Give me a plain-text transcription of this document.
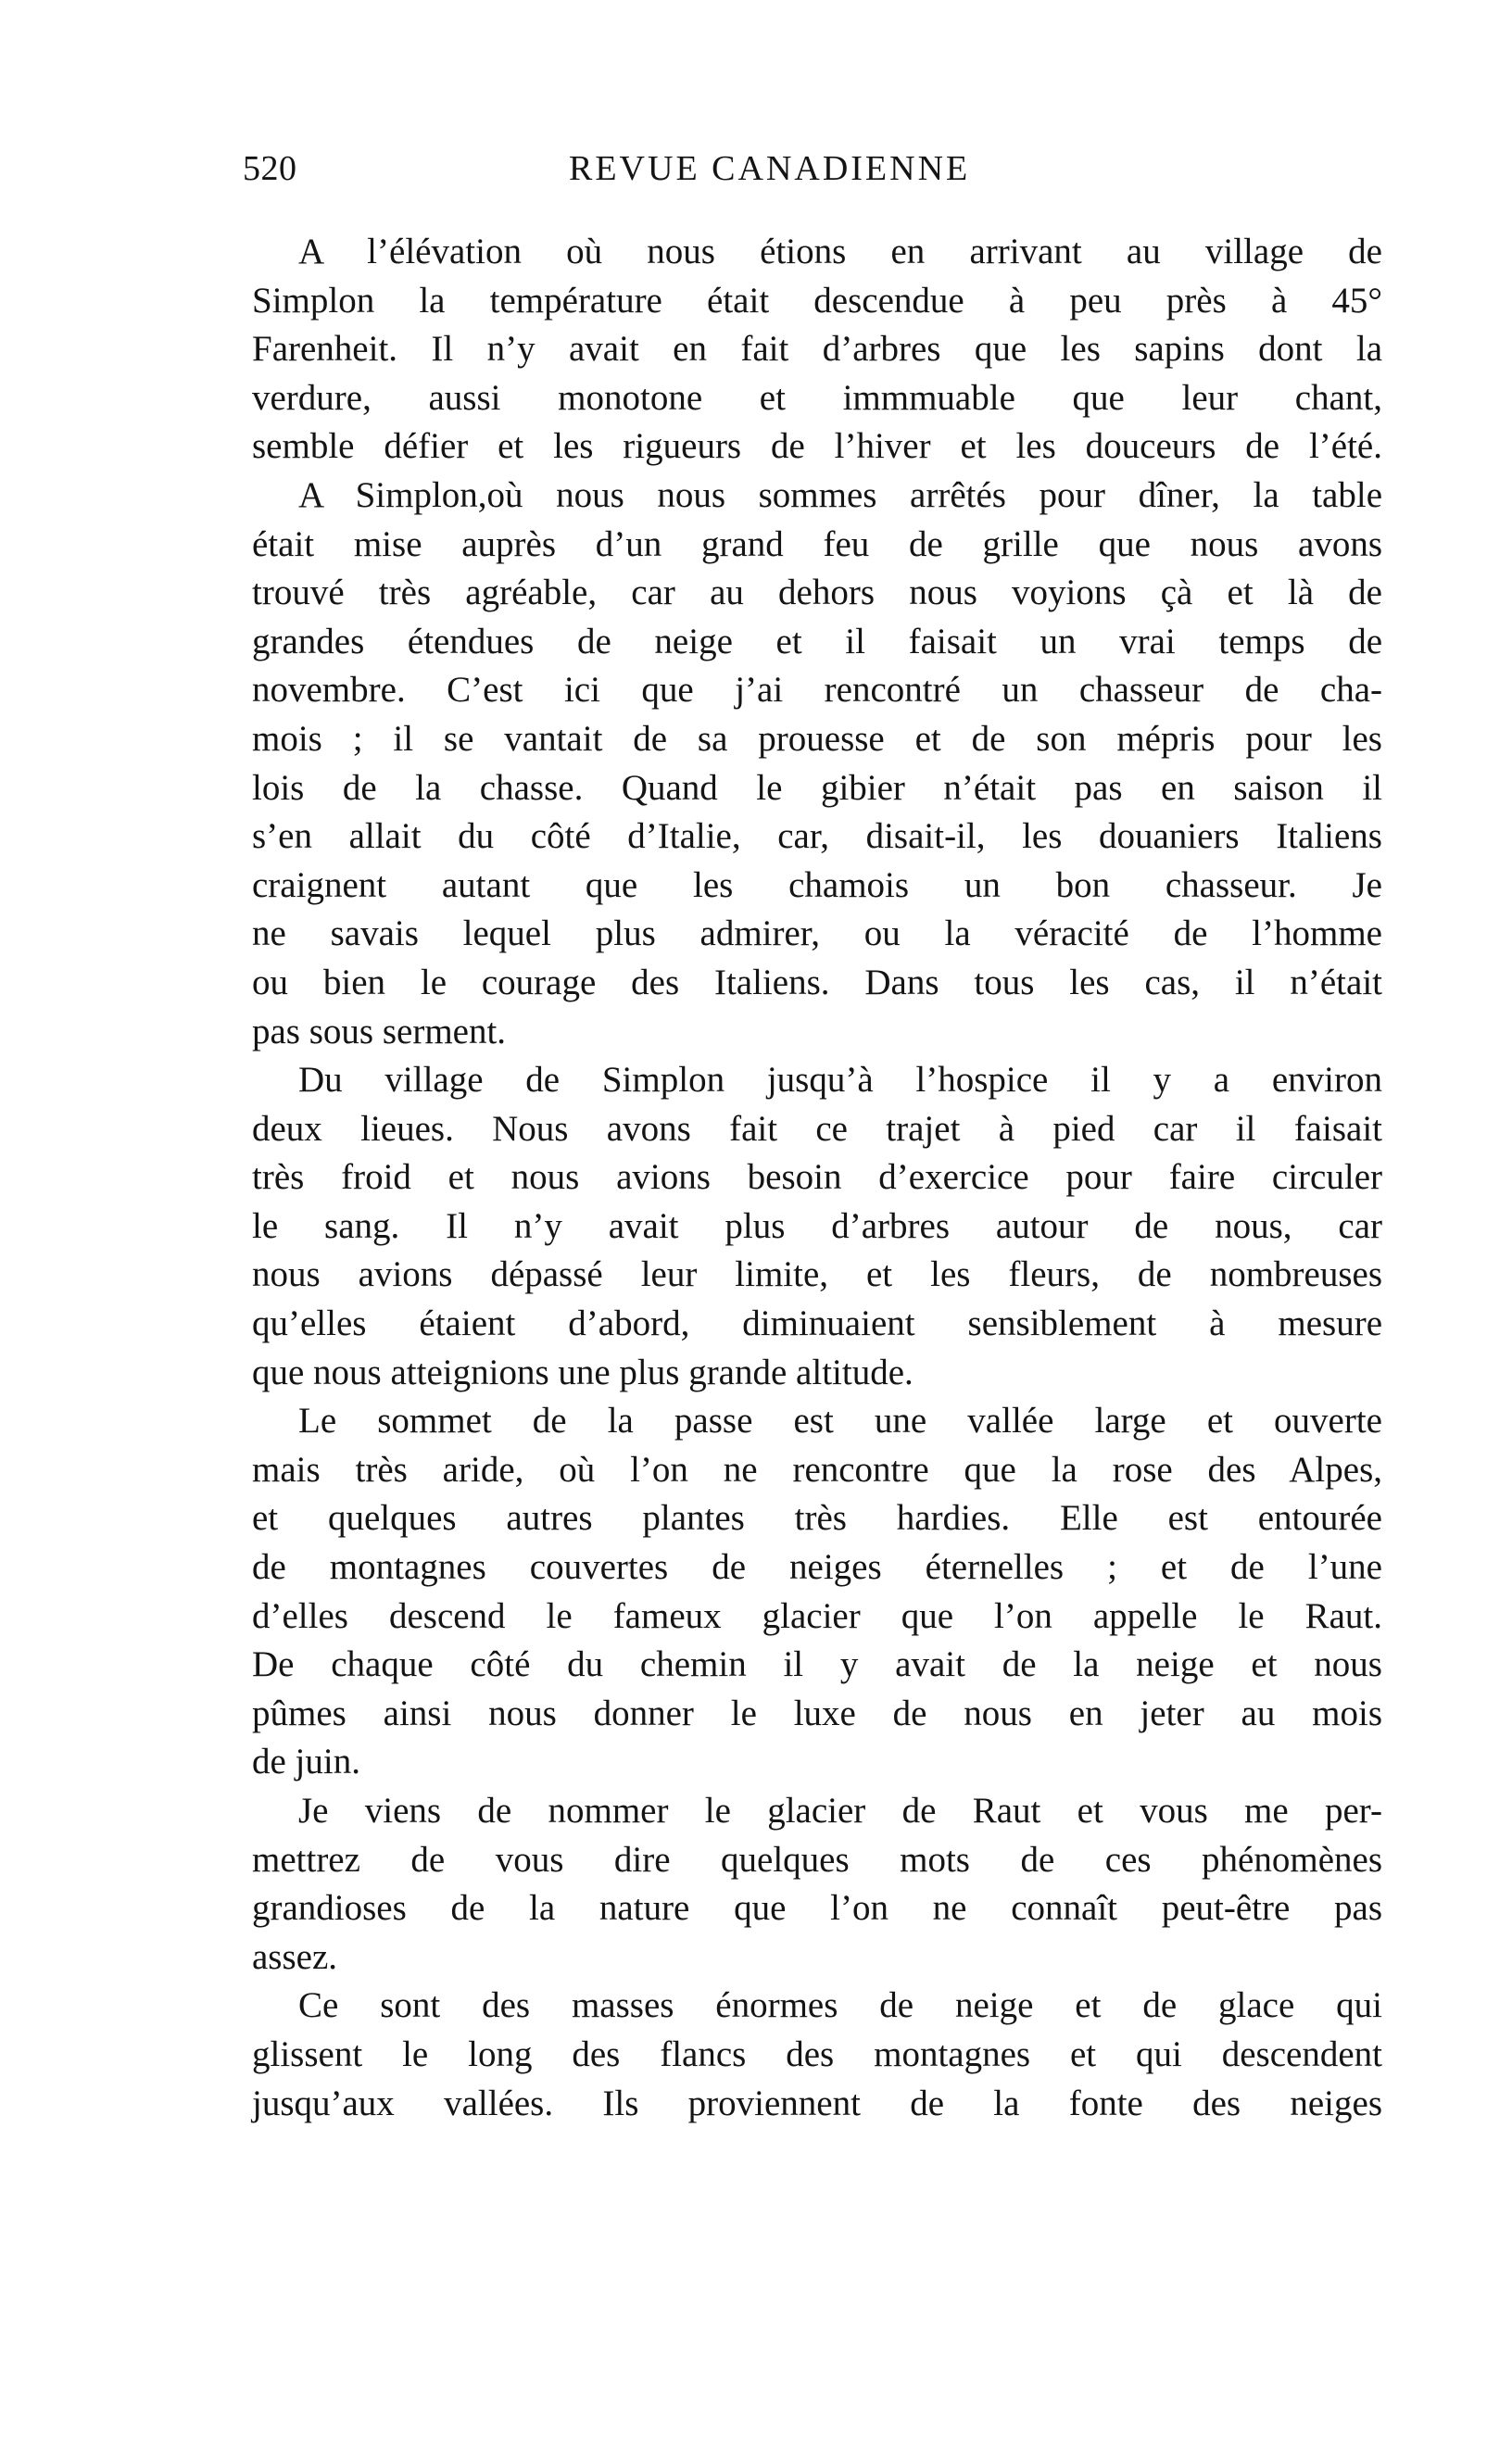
520	REVUE CANADIENNE
A l’élévation où nous étions en arrivant au village de
Simplon la température était descendue à peu près à 45°
Farenheit. Il n’y avait en fait d’arbres que les sapins dont la
verdure, aussi monotone et immmuable que leur chant,
semble défier et les rigueurs de l’hiver et les douceurs de l’été.
A Simplon,où nous nous sommes arrêtés pour dîner, la table
était mise auprès d’un grand feu de grille que nous avons
trouvé très agréable, car au dehors nous voyions çà et là de
grandes étendues de neige et il faisait un vrai temps de
novembre. C’est ici que j’ai rencontré un chasseur de cha-
mois ; il se vantait de sa prouesse et de son mépris pour les
lois de la chasse. Quand le gibier n’était pas en saison il
s’en allait du côté d’Italie, car, disait-il, les douaniers Italiens
craignent autant que les chamois un bon chasseur. Je
ne savais lequel plus admirer, ou la véracité de l’homme
ou bien le courage des Italiens. Dans tous les cas, il n’était
pas sous serment.
Du village de Simplon jusqu’à l’hospice il y a environ
deux lieues. Nous avons fait ce trajet à pied car il faisait
très froid et nous avions besoin d’exercice pour faire circuler
le sang. Il n’y avait plus d’arbres autour de nous, car
nous avions dépassé leur limite, et les fleurs, de nombreuses
qu’elles étaient d’abord, diminuaient sensiblement à mesure
que nous atteignions une plus grande altitude.
Le sommet de la passe est une vallée large et ouverte
mais très aride, où l’on ne rencontre que la rose des Alpes,
et quelques autres plantes très hardies. Elle est entourée
de montagnes couvertes de neiges éternelles ; et de l’une
d’elles descend le fameux glacier que l’on appelle le Raut.
De chaque côté du chemin il y avait de la neige et nous
pûmes ainsi nous donner le luxe de nous en jeter au mois
de juin.
Je viens de nommer le glacier de Raut et vous me per-
mettrez de vous dire quelques mots de ces phénomènes
grandioses de la nature que l’on ne connaît peut-être pas
assez.
Ce sont des masses énormes de neige et de glace qui
glissent le long des flancs des montagnes et qui descendent
jusqu’aux vallées. Ils proviennent de la fonte des neiges
